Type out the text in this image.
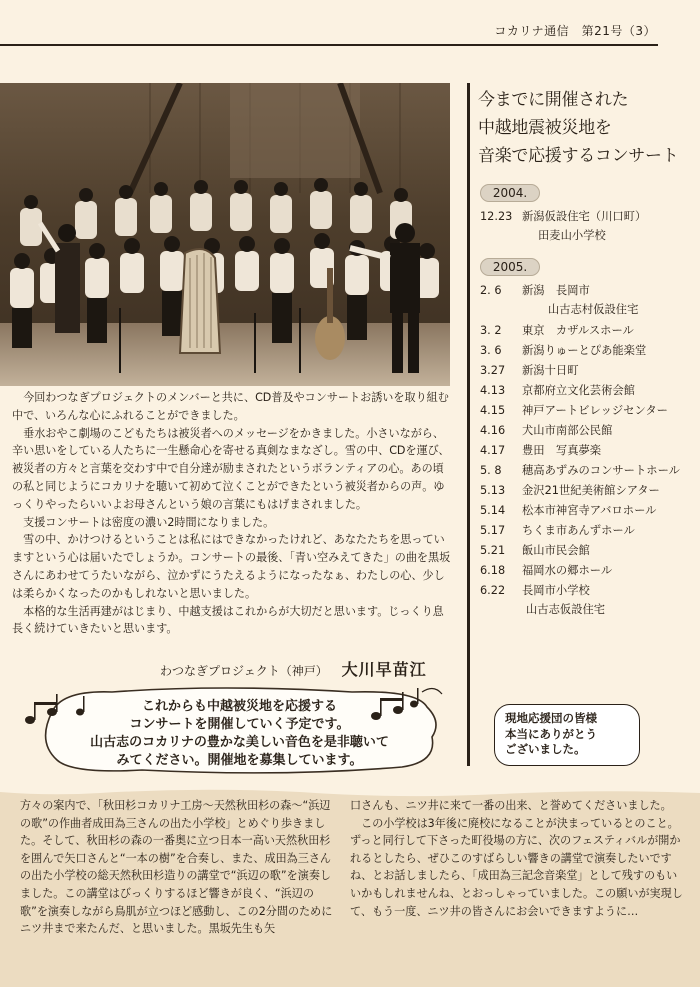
コカリナ通信　第21号（3）

今回わつなぎプロジェクトのメンバーと共に、CD普及やコンサートお誘いを取り組む中で、いろんな心にふれることができました。

垂水おやこ劇場のこどもたちは被災者へのメッセージをかきました。小さいながら、辛い思いをしている人たちに一生懸命心を寄せる真剣なまなざし。雪の中、CDを運び、被災者の方々と言葉を交わす中で自分達が励まされたというボランティアの心。あの頃の私と同じようにコカリナを聴いて初めて泣くことができたという被災者からの声。ゆっくりやったらいいよお母さんという娘の言葉にもはげまされました。

支援コンサートは密度の濃い2時間になりました。

雪の中、かけつけるということは私にはできなかったけれど、あなたたちを思っていますという心は届いたでしょうか。コンサートの最後、「青い空みえてきた」の曲を黒坂さんにあわせてうたいながら、泣かずにうたえるようになったなぁ、わたしの心、少しは柔らかくなったのかもしれないと思いました。

本格的な生活再建がはじまり、中越支援はこれからが大切だと思います。じっくり息長く続けていきたいと思います。

わつなぎプロジェクト（神戸） 大川早苗江
これからも中越被災地を応援する
コンサートを開催していく予定です。
山古志のコカリナの豊かな美しい音色を是非聴いて
みてください。開催地を募集しています。
今までに開催された
中越地震被災地を
音楽で応援するコンサート
2004.
12.23 新潟仮設住宅（川口町）
田麦山小学校
2005.
2. 6	新潟　長岡市
山古志村仮設住宅
3. 2	東京　カザルスホール
3. 6	新潟りゅーとぴあ能楽堂
3.27	新潟十日町
4.13	京都府立文化芸術会館
4.15	神戸アートビレッジセンター
4.16	犬山市南部公民館
4.17	豊田　写真夢楽
5. 8	穂高あずみのコンサートホール
5.13	金沢21世紀美術館シアター
5.14	松本市神宮寺アバロホール
5.17	ちくま市あんずホール
5.21	飯山市民会館
6.18	福岡水の郷ホール
6.22	長岡市小学校
山古志仮設住宅
現地応援団の皆様
本当にありがとう
ございました。

方々の案内で、「秋田杉コカリナ工房〜天然秋田杉の森〜“浜辺の歌”の作曲者成田為三さんの出た小学校」とめぐり歩きました。そして、秋田杉の森の一番奥に立つ日本一高い天然秋田杉を囲んで矢口さんと“一本の樹”を合奏し、また、成田為三さんの出た小学校の総天然秋田杉造りの講堂で“浜辺の歌”を演奏しました。この講堂はびっくりするほど響きが良く、“浜辺の歌”を演奏しながら鳥肌が立つほど感動し、この2分間のためにニツ井まで来たんだ、と思いました。黒坂先生も矢

口さんも、ニツ井に来て一番の出来、と誉めてくださいました。

この小学校は3年後に廃校になることが決まっているとのこと。ずっと同行して下さった町役場の方に、次のフェスティバルが開かれるとしたら、ぜひこのすばらしい響きの講堂で演奏したいですね、とお話しましたら、「成田為三記念音楽堂」として残すのもいいかもしれませんね、とおっしゃっていました。この願いが実現して、もう一度、ニツ井の皆さんにお会いできますように…
